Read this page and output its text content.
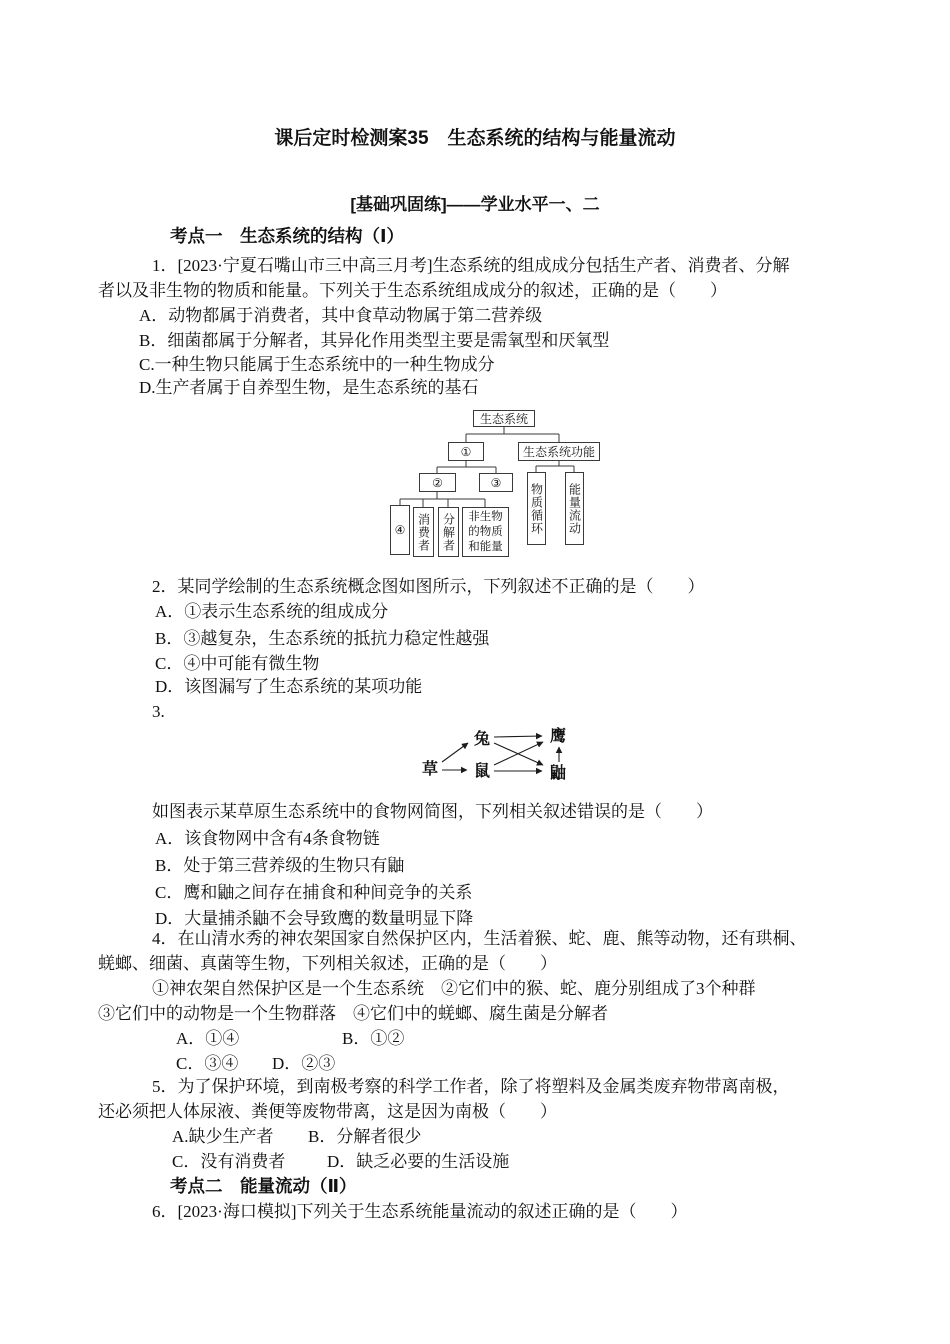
课后定时检测案35　生态系统的结构与能量流动
[基础巩固练]——学业水平一、二
考点一　生态系统的结构（Ⅰ）
1．[2023·宁夏石嘴山市三中高三月考]生态系统的组成成分包括生产者、消费者、分解
者以及非生物的物质和能量。下列关于生态系统组成成分的叙述，正确的是（　　）
A．动物都属于消费者，其中食草动物属于第二营养级
B．细菌都属于分解者，其异化作用类型主要是需氧型和厌氧型
C.一种生物只能属于生态系统中的一种生物成分
D.生产者属于自养型生物，是生态系统的基石
生态系统
①	生态系统功能
②	③
④ 消费者 分解者	非生物
的物质
和能量
物质循环 能量流动
2．某同学绘制的生态系统概念图如图所示，下列叙述不正确的是（　　）
A．①表示生态系统的组成成分
B．③越复杂，生态系统的抵抗力稳定性越强
C．④中可能有微生物
D．该图漏写了生态系统的某项功能
3.
草
兔
鼠
鹰
鼬
如图表示某草原生态系统中的食物网简图，下列相关叙述错误的是（　　）
A．该食物网中含有4条食物链
B．处于第三营养级的生物只有鼬
C．鹰和鼬之间存在捕食和种间竞争的关系
D．大量捕杀鼬不会导致鹰的数量明显下降
4．在山清水秀的神农架国家自然保护区内，生活着猴、蛇、鹿、熊等动物，还有珙桐、
蜣螂、细菌、真菌等生物，下列相关叙述，正确的是（　　）
①神农架自然保护区是一个生态系统　②它们中的猴、蛇、鹿分别组成了3个种群
③它们中的动物是一个生物群落　④它们中的蜣螂、腐生菌是分解者

A．①④

	B．①②

C．③④

D．②③

5．为了保护环境，到南极考察的科学工作者，除了将塑料及金属类废弃物带离南极，
还必须把人体尿液、粪便等废物带离，这是因为南极（　　）

A.缺少生产者

B．分解者很少

C．没有消费者

D．缺乏必要的生活设施

考点二　能量流动（Ⅱ）
6．[2023·海口模拟]下列关于生态系统能量流动的叙述正确的是（　　）
